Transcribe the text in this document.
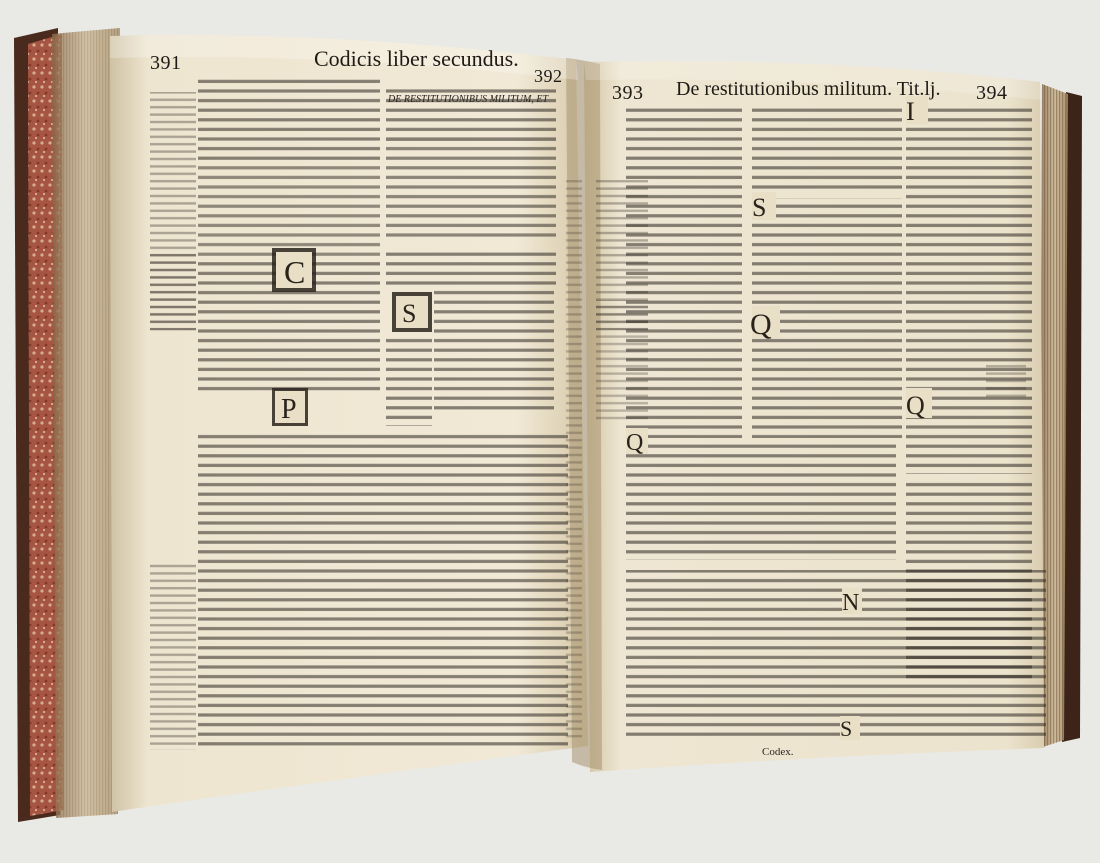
C
P
S
S
Q
Q
I
Q
N
S
391	Codicis liber secundus.
392
DE RESTITUTIONIBUS MILITUM, ET	393 De restitutionibus militum. Tit.lj. 394
Codex.
